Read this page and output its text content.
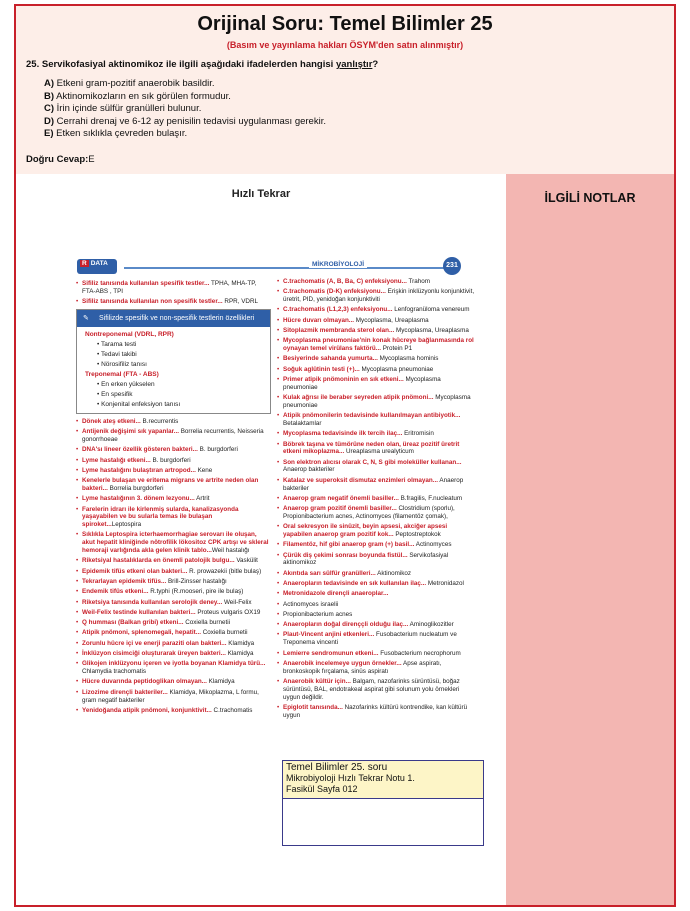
Orijinal Soru: Temel Bilimler 25
(Basım ve yayınlama hakları ÖSYM'den satın alınmıştır)
25. Servikofasiyal aktinomikoz ile ilgili aşağıdaki ifadelerden hangisi yanlıştır?
A) Etkeni gram-pozitif anaerobik basildir.
B) Aktinomikozların en sık görülen formudur.
C) İrin içinde sülfür granülleri bulunur.
D) Cerrahi drenaj ve 6-12 ay penisilin tedavisi uygulanması gerekir.
E) Etken sıklıkla çevreden bulaşır.
Doğru Cevap:E
Hızlı Tekrar
R DATA	MİKROBİYOLOJİ	231
• Sifiliz tanısında kullanılan spesifik testler... TPHA, MHA-TP, FTA-ABS , TPI
• Sifiliz tanısında kullanılan non spesifik testler... RPR, VDRL
✎ Sifilizde spesifik ve non-spesifik testlerin özellikleri
Nontreponemal (VDRL, RPR)
• Tarama testi
• Tedavi takibi
• Nörosifiliz tanısı
Treponemal (FTA - ABS)
• En erken yükselen
• En spesifik
• Konjenital enfeksiyon tanısı
• Dönek ateş etkeni... B.recurrentis
• Antijenik değişimi sık yapanlar... Borrelia recurrentis, Neisseria gonorrhoeae
• DNA'sı lineer özellik gösteren bakteri... B. burgdorferi
• Lyme hastalığı etkeni... B. burgdorferi
• Lyme hastalığını bulaştıran artropod... Kene
• Kenelerle bulaşan ve eritema migrans ve artrite neden olan bakteri... Borrelia burgdorferi
• Lyme hastalığının 3. dönem lezyonu... Artrit
• Farelerin idrarı ile kirlenmiş sularda, kanalizasyonda yaşayabilen ve bu sularla temas ile bulaşan spiroket...Leptospira
• Sıklıkla Leptospira icterhaemorrhagiae serovarı ile oluşan, akut hepatit kliniğinde nötrofilik lökositoz CPK artışı ve skleral hemoraji varlığında akla gelen klinik tablo...Weil hastalığı
• Riketsiyal hastalıklarda en önemli patolojik bulgu... Vaskülit
• Epidemik tifüs etkeni olan bakteri... R. prowazekii (bitle bulaş)
• Tekrarlayan epidemik tifüs... Brill-Zinsser hastalığı
• Endemik tifüs etkeni... R.typhi (R.mooseri, pire ile bulaş)
• Riketsiya tanısında kullanılan serolojik deney... Weil-Felix
• Weil-Felix testinde kullanılan bakteri... Proteus vulgaris OX19
• Q humması (Balkan gribi) etkeni... Coxiella burnetii
• Atipik pnömoni, splenomegali, hepatit... Coxiella burnetii
• Zorunlu hücre içi ve enerji paraziti olan bakteri... Klamidya
• İnklüzyon cisimciği oluşturarak üreyen bakteri... Klamidya
• Glikojen inklüzyonu içeren ve iyotla boyanan Klamidya türü... Chlamydia trachomatis
• Hücre duvarında peptidoglikan olmayan... Klamidya
• Lizozime dirençli bakteriler... Klamidya, Mikoplazma, L formu, gram negatif bakteriler
• Yenidoğanda atipik pnömoni, konjunktivit... C.trachomatis
• C.trachomatis (A, B, Ba, C) enfeksiyonu... Trahom
• C.trachomatis (D-K) enfeksiyonu... Erişkin inklüzyonlu konjunktivit, üretrit, PID, yenidoğan konjunktiviti
• C.trachomatis (L1,2,3) enfeksiyonu... Lenfogranüloma venereum
• Hücre duvarı olmayan... Mycoplasma, Ureaplasma
• Sitoplazmik membranda sterol olan... Mycoplasma, Ureaplasma
• Mycoplasma pneumoniae'nin konak hücreye bağlanmasında rol oynayan temel virülans faktörü... Protein P1
• Besiyerinde sahanda yumurta... Mycoplasma hominis
• Soğuk aglütinin testi (+)... Mycoplasma pneumoniae
• Primer atipik pnömoninin en sık etkeni... Mycoplasma pneumoniae
• Kulak ağrısı ile beraber seyreden atipik pnömoni... Mycoplasma pneumoniae
• Atipik pnömonilerin tedavisinde kullanılmayan antibiyotik... Betalaktamlar
• Mycoplasma tedavisinde ilk tercih ilaç... Eritromisin
• Böbrek taşına ve tümörüne neden olan, üreaz pozitif üretrit etkeni mikoplazma... Ureaplasma urealyticum
• Son elektron alıcısı olarak C, N, S gibi moleküller kullanan... Anaerop bakteriler
• Katalaz ve superoksit dismutaz enzimleri olmayan... Anaerop bakteriler
• Anaerop gram negatif önemli basiller... B.fragilis, F.nucleatum
• Anaerop gram pozitif önemli basiller... Clostridium (sporlu), Propionibacterium acnes, Actinomyces (filamentöz çomak),
• Oral sekresyon ile sinüzit, beyin apsesi, akciğer apsesi yapabilen anaerop gram pozitif kok... Peptostreptokok
• Filamentöz, hif gibi anaerop gram (+) basil... Actinomyces
• Çürük diş çekimi sonrası boyunda fistül... Servikofasiyal aktinomikoz
• Akıntıda sarı sülfür granülleri... Aktinomikoz
• Anaeropların tedavisinde en sık kullanılan ilaç... Metronidazol
• Metronidazole dirençli anaeroplar...
• Actinomyces israelii
• Propionibacterium acnes
• Anaeropların doğal direnççli olduğu ilaç... Aminoglikozitler
• Plaut-Vincent anjini etkenleri... Fusobacterium nucleatum ve Treponema vincenti
• Lemierre sendromunun etkeni... Fusobacterium necrophorum
• Anaerobik incelemeye uygun örnekler... Apse aspiratı, bronkoskopik fırçalama, sinüs aspiratı
• Anaerobik kültür için... Balgam, nazofarinks sürüntüsü, boğaz sürüntüsü, BAL, endotrakeal aspirat gibi solunum yolu örnekleri uygun değildir.
• Epiglotit tanısında... Nazofarinks kültürü kontrendike, kan kültürü uygun
Temel Bilimler 25. soru
Mikrobiyoloji Hızlı Tekrar Notu 1.
Fasikül Sayfa 012
İLGİLİ NOTLAR
